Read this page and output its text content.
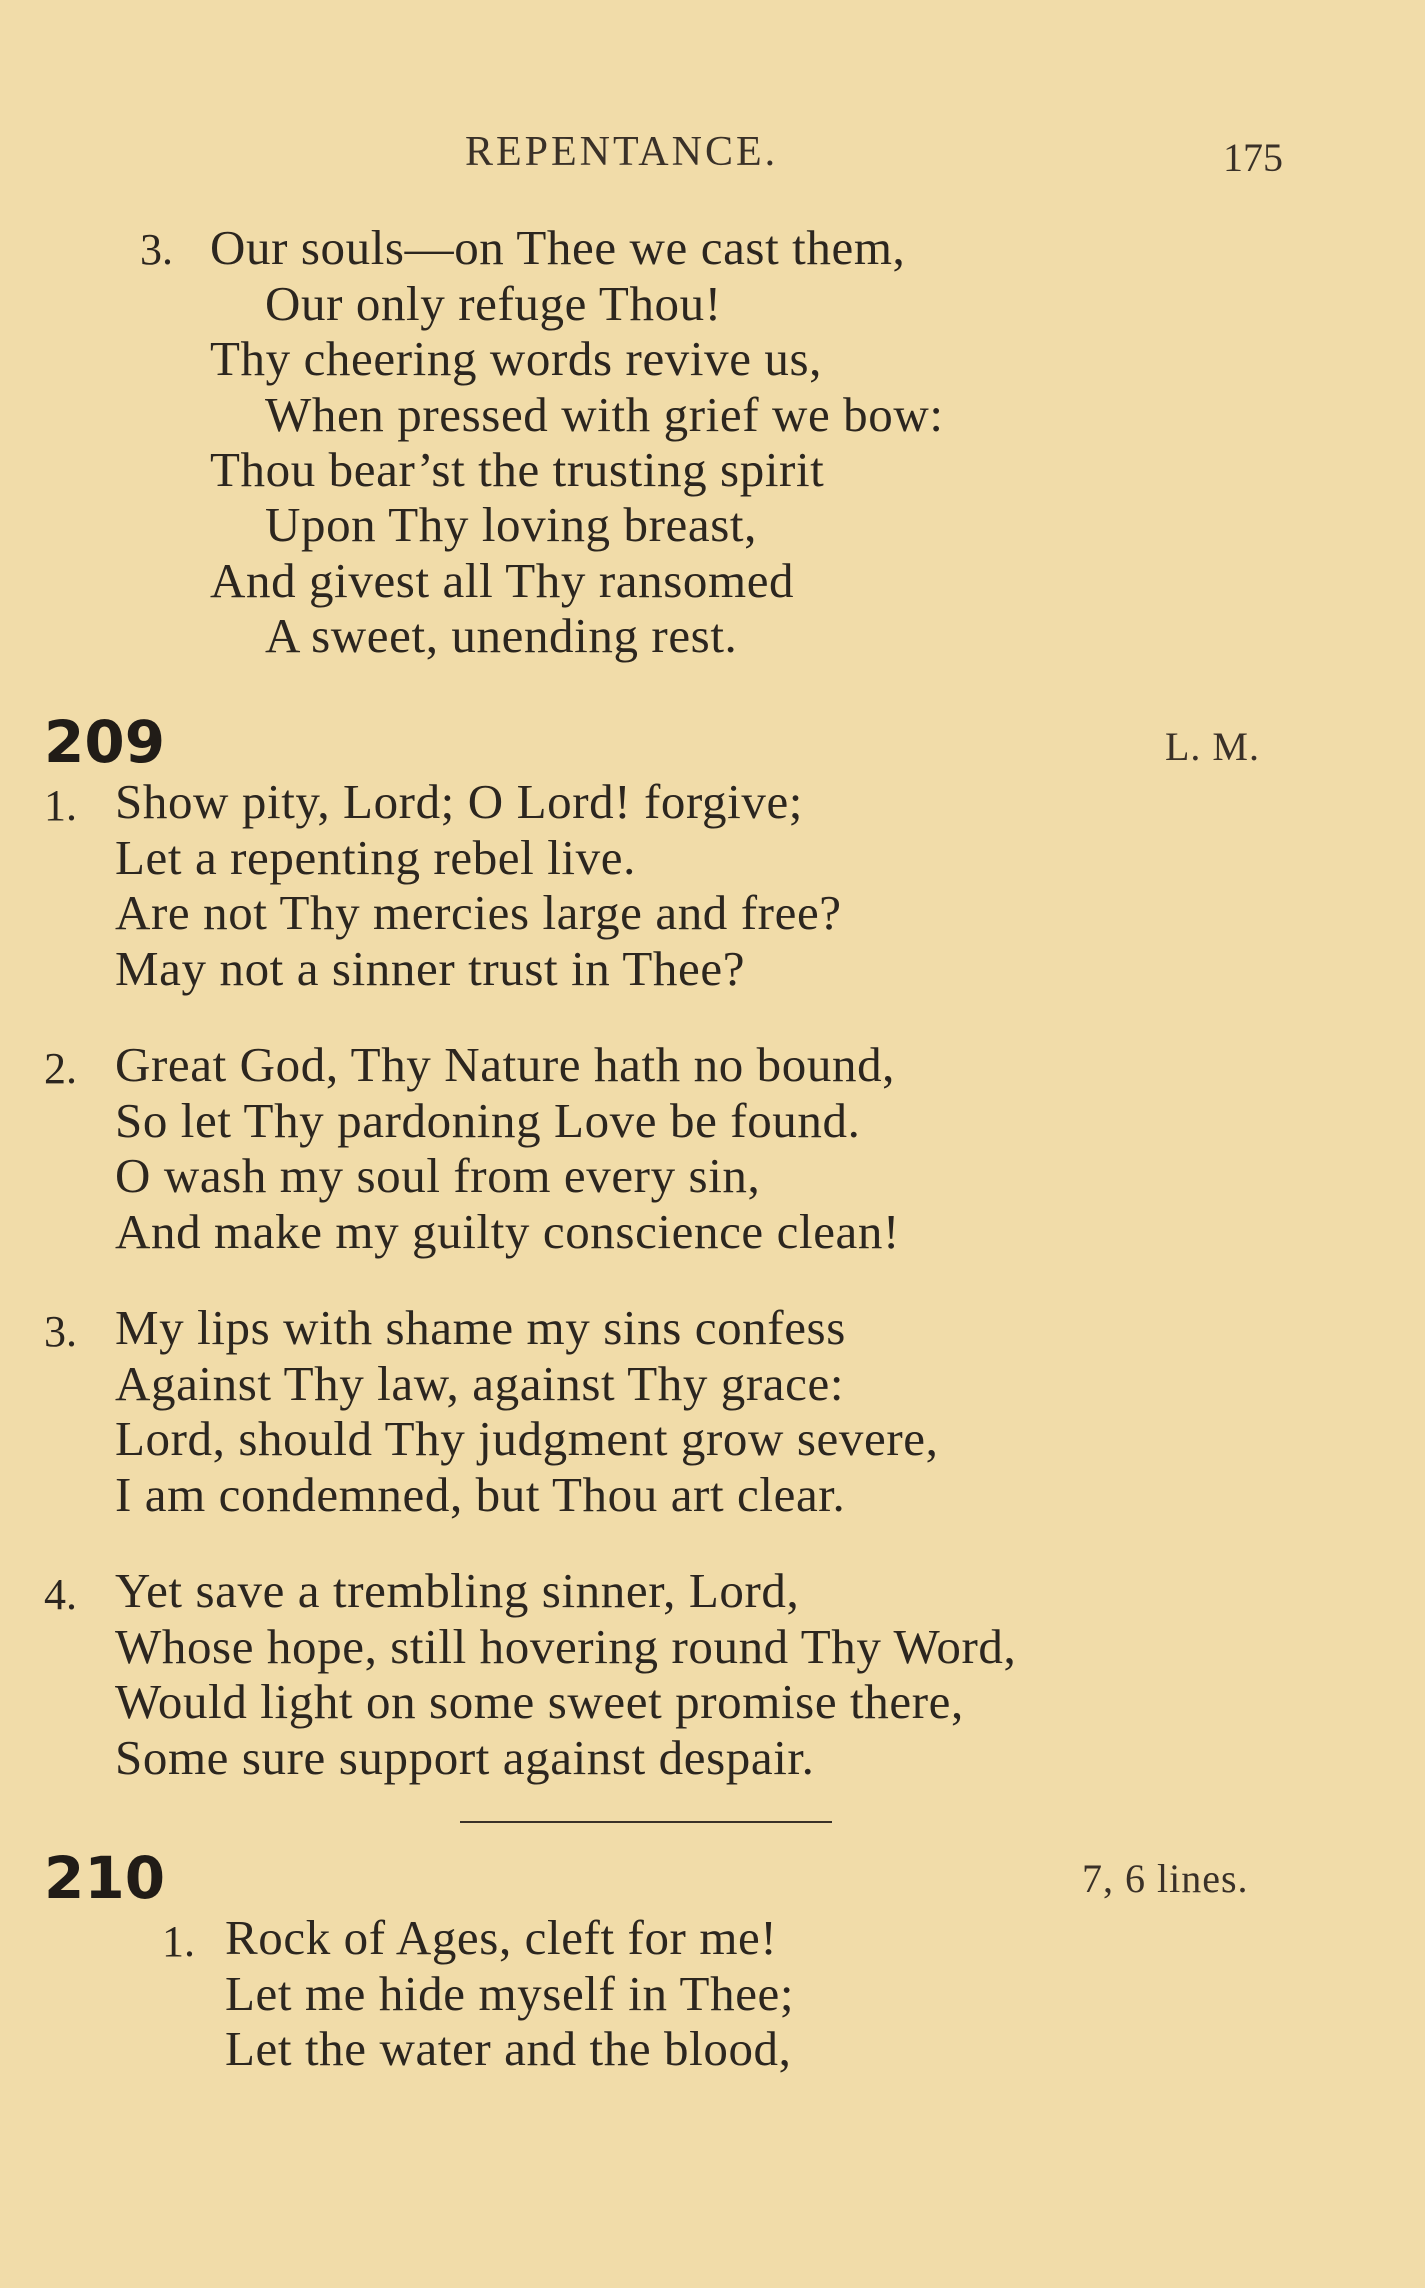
REPENTANCE.	175
3. Our souls—on Thee we cast them,
Our only refuge Thou!
Thy cheering words revive us,
When pressed with grief we bow:
Thou bear’st the trusting spirit
Upon Thy loving breast,
And givest all Thy ransomed
A sweet, unending rest.
209	L. M.
1. Show pity, Lord; O Lord! forgive;
Let a repenting rebel live.
Are not Thy mercies large and free?
May not a sinner trust in Thee?
2. Great God, Thy Nature hath no bound,
So let Thy pardoning Love be found.
O wash my soul from every sin,
And make my guilty conscience clean!
3. My lips with shame my sins confess
Against Thy law, against Thy grace:
Lord, should Thy judgment grow severe,
I am condemned, but Thou art clear.
4. Yet save a trembling sinner, Lord,
Whose hope, still hovering round Thy Word,
Would light on some sweet promise there,
Some sure support against despair.
210	7, 6 lines.
1. Rock of Ages, cleft for me!
Let me hide myself in Thee;
Let the water and the blood,
